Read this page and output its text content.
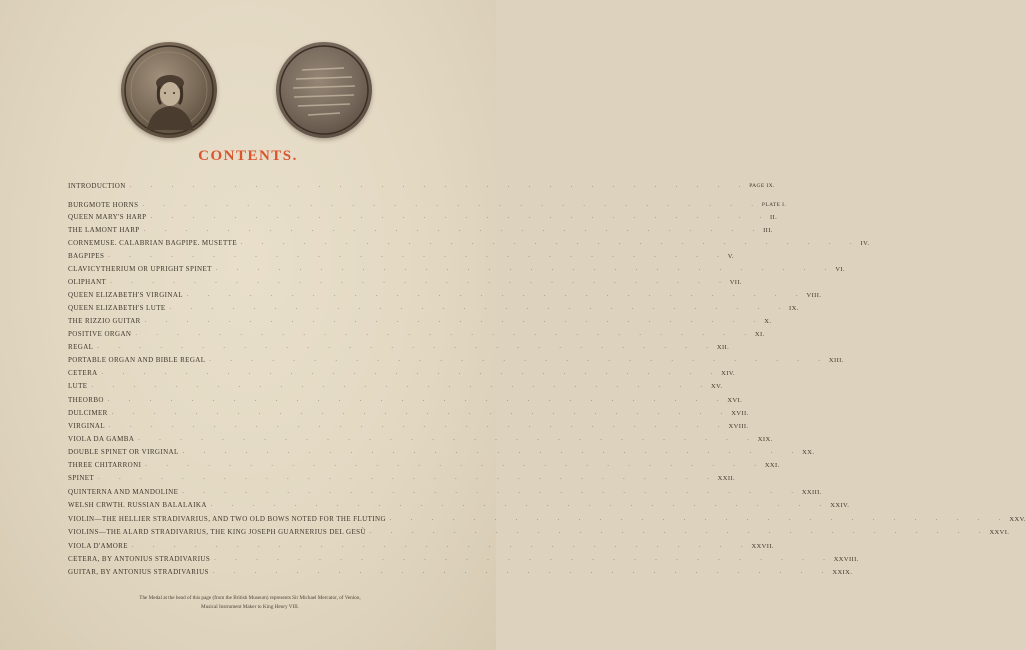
CONTENTS.
INTRODUCTION . . . . . . . . . . . . . . . . . . . . . . . . . . . . . . PAGE IX.
BURGMOTE HORNS . . . . . . . . . . . . . . . . . . . . . . . . . . . . . . PLATE I.
QUEEN MARY'S HARP . . . . . . . . . . . . . . . . . . . . . . . . . . . . . . II.
THE LAMONT HARP . . . . . . . . . . . . . . . . . . . . . . . . . . . . . . III.
CORNEMUSE. CALABRIAN BAGPIPE. MUSETTE . . . . . . . . . . . . . . . . . . . . . . . . . . . . . . IV.
BAGPIPES . . . . . . . . . . . . . . . . . . . . . . . . . . . . . . V.
CLAVICYTHERIUM OR UPRIGHT SPINET . . . . . . . . . . . . . . . . . . . . . . . . . . . . . . VI.
OLIPHANT . . . . . . . . . . . . . . . . . . . . . . . . . . . . . . VII.
QUEEN ELIZABETH'S VIRGINAL . . . . . . . . . . . . . . . . . . . . . . . . . . . . . . VIII.
QUEEN ELIZABETH'S LUTE . . . . . . . . . . . . . . . . . . . . . . . . . . . . . . IX.
THE RIZZIO GUITAR . . . . . . . . . . . . . . . . . . . . . . . . . . . . . . X.
POSITIVE ORGAN . . . . . . . . . . . . . . . . . . . . . . . . . . . . . . XI.
REGAL . . . . . . . . . . . . . . . . . . . . . . . . . . . . . . XII.
PORTABLE ORGAN AND BIBLE REGAL . . . . . . . . . . . . . . . . . . . . . . . . . . . . . . XIII.
CETERA . . . . . . . . . . . . . . . . . . . . . . . . . . . . . . XIV.
LUTE . . . . . . . . . . . . . . . . . . . . . . . . . . . . . . XV.
THEORBO . . . . . . . . . . . . . . . . . . . . . . . . . . . . . . XVI.
DULCIMER . . . . . . . . . . . . . . . . . . . . . . . . . . . . . . XVII.
VIRGINAL . . . . . . . . . . . . . . . . . . . . . . . . . . . . . . XVIII.
VIOLA DA GAMBA . . . . . . . . . . . . . . . . . . . . . . . . . . . . . . XIX.
DOUBLE SPINET OR VIRGINAL . . . . . . . . . . . . . . . . . . . . . . . . . . . . . . XX.
THREE CHITARRONI . . . . . . . . . . . . . . . . . . . . . . . . . . . . . . XXI.
SPINET . . . . . . . . . . . . . . . . . . . . . . . . . . . . . . XXII.
QUINTERNA AND MANDOLINE . . . . . . . . . . . . . . . . . . . . . . . . . . . . . . XXIII.
WELSH CRWTH. RUSSIAN BALALAIKA . . . . . . . . . . . . . . . . . . . . . . . . . . . . . . XXIV.
VIOLIN—THE HELLIER STRADIVARIUS, AND TWO OLD BOWS NOTED FOR THE FLUTING . . . . . . . . . . . . . . . . . . . . . . . . . . . . . . XXV.
VIOLINS—THE ALARD STRADIVARIUS, THE KING JOSEPH GUARNERIUS DEL GESÙ . . . . . . . . . . . . . . . . . . . . . . . . . . . . . . XXVI.
VIOLA D'AMORE . . . . . . . . . . . . . . . . . . . . . . . . . . . . . . XXVII.
CETERA, BY ANTONIUS STRADIVARIUS . . . . . . . . . . . . . . . . . . . . . . . . . . . . . . XXVIII.
GUITAR, BY ANTONIUS STRADIVARIUS . . . . . . . . . . . . . . . . . . . . . . . . . . . . . . XXIX.
The Medal at the head of this page (from the British Museum) represents Sir Michael Mercator, of Venloo,
Musical Instrument Maker to King Henry VIII.
